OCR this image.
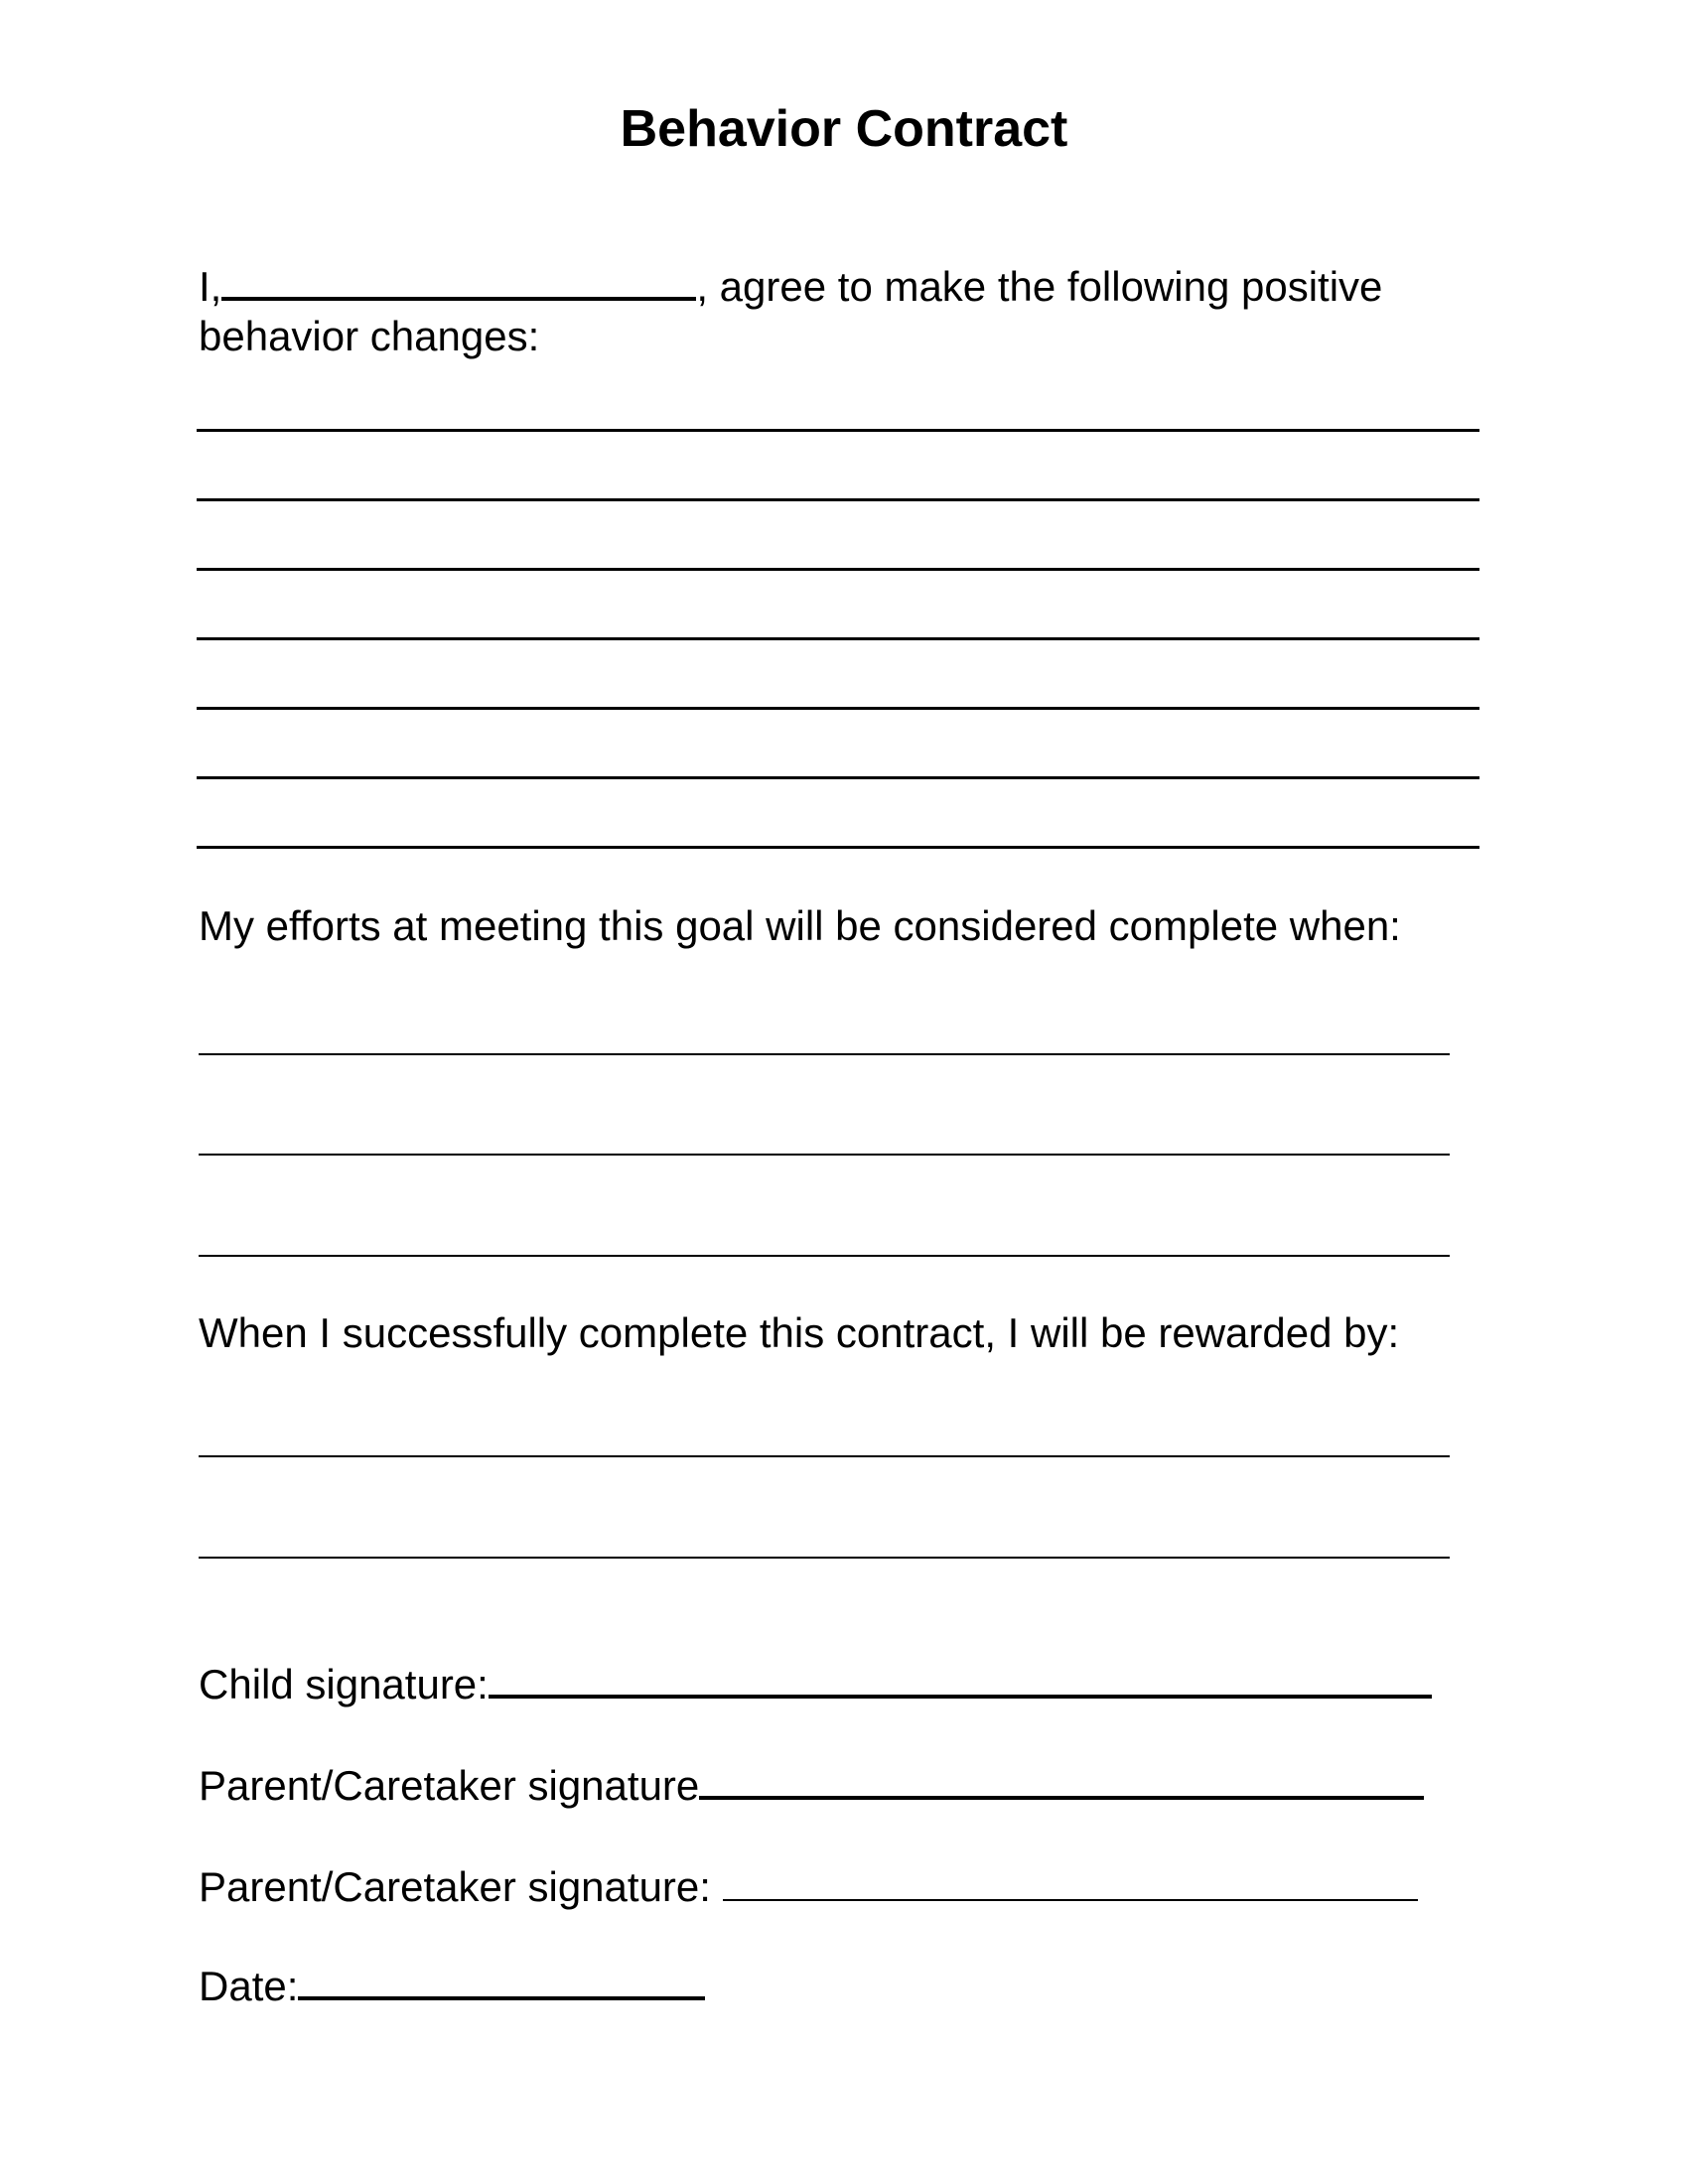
Behavior Contract
I,	, agree to make the following positive
behavior changes:
My efforts at meeting this goal will be considered complete when:
When I successfully complete this contract, I will be rewarded by:
Child signature:
Parent/Caretaker signature
Parent/Caretaker signature:
Date:
